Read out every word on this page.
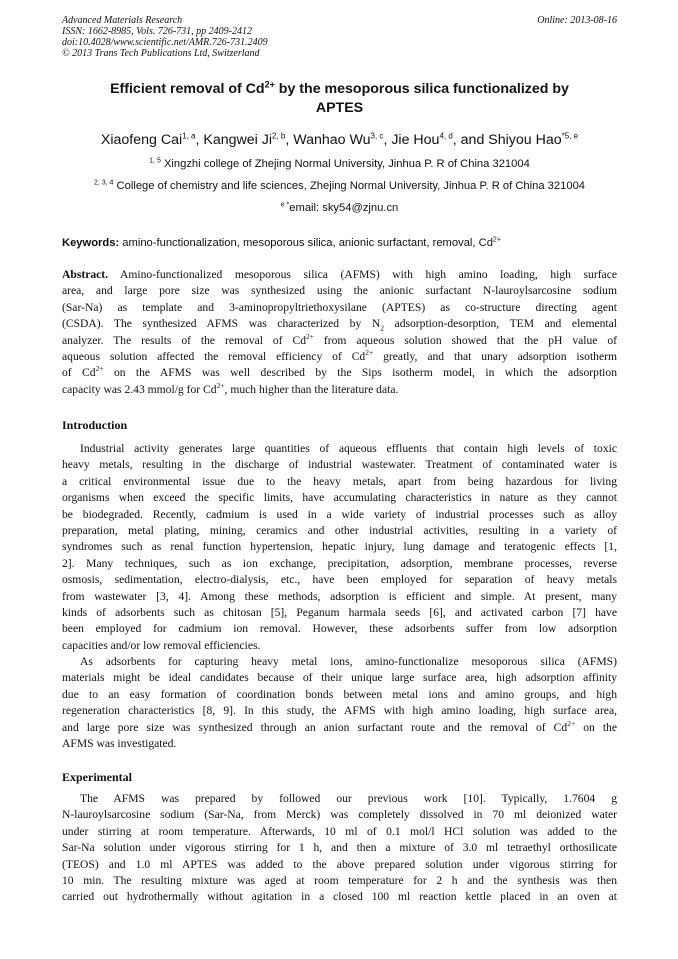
Advanced Materials Research
ISSN: 1662-8985, Vols. 726-731, pp 2409-2412
doi:10.4028/www.scientific.net/AMR.726-731.2409
© 2013 Trans Tech Publications Ltd, Switzerland
Online: 2013-08-16
Efficient removal of $Cd^{2+}$ by the mesoporous silica functionalized by
APTES
Xiaofeng Cai$^{1, a}$, Kangwei Ji$^{2, b}$, Wanhao Wu$^{3, c}$, Jie Hou$^{4, d}$, and Shiyou Hao$^{*5, e}$
$^{1, 5}$ Xingzhi college of Zhejing Normal University, Jinhua P. R of China 321004
$^{2, 3, 4}$ College of chemistry and life sciences, Zhejing Normal University, Jinhua P. R of China 321004
$^{e *}$email: sky54@zjnu.cn
Keywords: amino-functionalization, mesoporous silica, anionic surfactant, removal, $Cd^{2+}$
Abstract. Amino-functionalized mesoporous silica (AFMS) with high amino loading, high surface
area, and large pore size was synthesized using the anionic surfactant N-lauroylsarcosine sodium
(Sar-Na) as template and 3-aminopropyltriethoxysilane (APTES) as co-structure directing agent
(CSDA). The synthesized AFMS was characterized by $N_2$ adsorption-desorption, TEM and elemental
analyzer. The results of the removal of $Cd^{2+}$ from aqueous solution showed that the pH value of
aqueous solution affected the removal efficiency of $Cd^{2+}$ greatly, and that unary adsorption isotherm
of $Cd^{2+}$ on the AFMS was well described by the Sips isotherm model, in which the adsorption
capacity was 2.43 mmol/g for $Cd^{2+}$, much higher than the literature data.
Introduction
Industrial activity generates large quantities of aqueous effluents that contain high levels of toxic
heavy metals, resulting in the discharge of industrial wastewater. Treatment of contaminated water is
a critical environmental issue due to the heavy metals, apart from being hazardous for living
organisms when exceed the specific limits, have accumulating characteristics in nature as they cannot
be biodegraded. Recently, cadmium is used in a wide variety of industrial processes such as alloy
preparation, metal plating, mining, ceramics and other industrial activities, resulting in a variety of
syndromes such as renal function hypertension, hepatic injury, lung damage and teratogenic effects [1,
2]. Many techniques, such as ion exchange, precipitation, adsorption, membrane processes, reverse
osmosis, sedimentation, electro-dialysis, etc., have been employed for separation of heavy metals
from wastewater [3, 4]. Among these methods, adsorption is efficient and simple. At present, many
kinds of adsorbents such as chitosan [5], Peganum harmala seeds [6], and activated carbon [7] have
been employed for cadmium ion removal. However, these adsorbents suffer from low adsorption
capacities and/or low removal efficiencies.
As adsorbents for capturing heavy metal ions, amino-functionalize mesoporous silica (AFMS)
materials might be ideal candidates because of their unique large surface area, high adsorption affinity
due to an easy formation of coordination bonds between metal ions and amino groups, and high
regeneration characteristics [8, 9]. In this study, the AFMS with high amino loading, high surface area,
and large pore size was synthesized through an anion surfactant route and the removal of $Cd^{2+}$ on the
AFMS was investigated.
Experimental
The AFMS was prepared by followed our previous work [10]. Typically, 1.7604 g
N-lauroylsarcosine sodium (Sar-Na, from Merck) was completely dissolved in 70 ml deionized water
under stirring at room temperature. Afterwards, 10 ml of 0.1 mol/l HCl solution was added to the
Sar-Na solution under vigorous stirring for 1 h, and then a mixture of 3.0 ml tetraethyl orthosilicate
(TEOS) and 1.0 ml APTES was added to the above prepared solution under vigorous stirring for
10 min. The resulting mixture was aged at room temperature for 2 h and the synthesis was then
carried out hydrothermally without agitation in a closed 100 ml reaction kettle placed in an oven at
